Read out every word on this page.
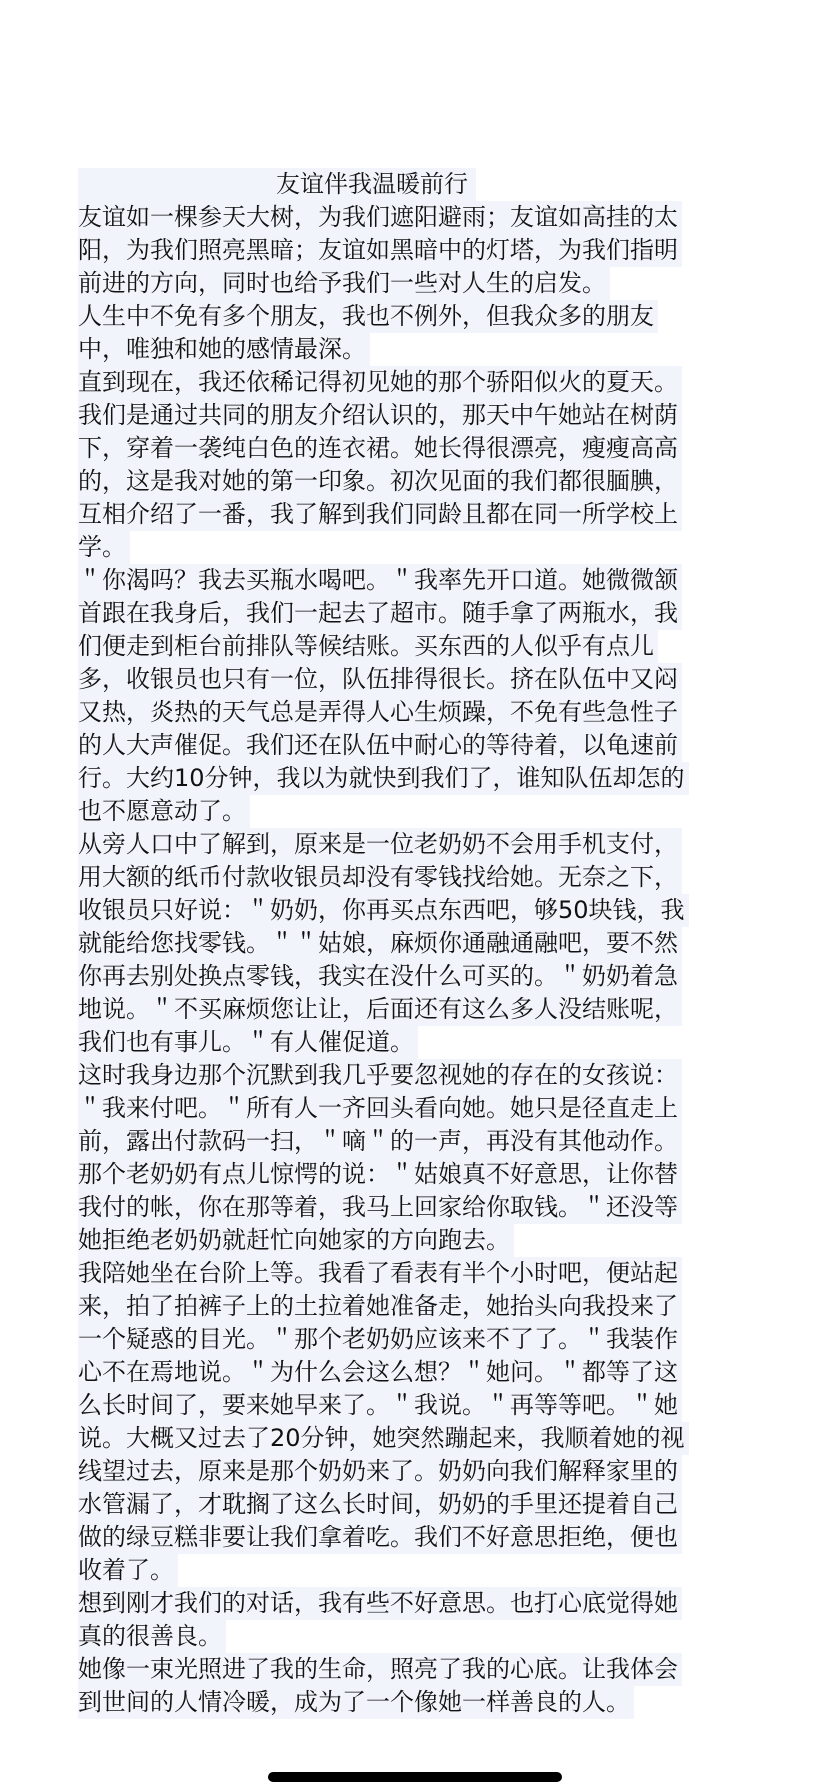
友谊伴我温暖前行
友谊如一棵参天大树，为我们遮阳避雨；友谊如高挂的太
阳，为我们照亮黑暗；友谊如黑暗中的灯塔，为我们指明
前进的方向，同时也给予我们一些对人生的启发。
人生中不免有多个朋友，我也不例外，但我众多的朋友
中，唯独和她的感情最深。
直到现在，我还依稀记得初见她的那个骄阳似火的夏天。
我们是通过共同的朋友介绍认识的，那天中午她站在树荫
下，穿着一袭纯白色的连衣裙。她长得很漂亮，瘦瘦高高
的，这是我对她的第一印象。初次见面的我们都很腼腆，
互相介绍了一番，我了解到我们同龄且都在同一所学校上
学。
＂你渴吗？我去买瓶水喝吧。＂我率先开口道。她微微颔
首跟在我身后，我们一起去了超市。随手拿了两瓶水，我
们便走到柜台前排队等候结账。买东西的人似乎有点儿
多，收银员也只有一位，队伍排得很长。挤在队伍中又闷
又热，炎热的天气总是弄得人心生烦躁，不免有些急性子
的人大声催促。我们还在队伍中耐心的等待着，以龟速前
行。大约10分钟，我以为就快到我们了，谁知队伍却怎的
也不愿意动了。
从旁人口中了解到，原来是一位老奶奶不会用手机支付，
用大额的纸币付款收银员却没有零钱找给她。无奈之下，
收银员只好说：＂奶奶，你再买点东西吧，够50块钱，我
就能给您找零钱。＂＂姑娘，麻烦你通融通融吧，要不然
你再去别处换点零钱，我实在没什么可买的。＂奶奶着急
地说。＂不买麻烦您让让，后面还有这么多人没结账呢，
我们也有事儿。＂有人催促道。
这时我身边那个沉默到我几乎要忽视她的存在的女孩说：
＂我来付吧。＂所有人一齐回头看向她。她只是径直走上
前，露出付款码一扫，＂嘀＂的一声，再没有其他动作。
那个老奶奶有点儿惊愕的说：＂姑娘真不好意思，让你替
我付的帐，你在那等着，我马上回家给你取钱。＂还没等
她拒绝老奶奶就赶忙向她家的方向跑去。
我陪她坐在台阶上等。我看了看表有半个小时吧，便站起
来，拍了拍裤子上的土拉着她准备走，她抬头向我投来了
一个疑惑的目光。＂那个老奶奶应该来不了了。＂我装作
心不在焉地说。＂为什么会这么想？＂她问。＂都等了这
么长时间了，要来她早来了。＂我说。＂再等等吧。＂她
说。大概又过去了20分钟，她突然蹦起来，我顺着她的视
线望过去，原来是那个奶奶来了。奶奶向我们解释家里的
水管漏了，才耽搁了这么长时间，奶奶的手里还提着自己
做的绿豆糕非要让我们拿着吃。我们不好意思拒绝，便也
收着了。
想到刚才我们的对话，我有些不好意思。也打心底觉得她
真的很善良。
她像一束光照进了我的生命，照亮了我的心底。让我体会
到世间的人情冷暖，成为了一个像她一样善良的人。
